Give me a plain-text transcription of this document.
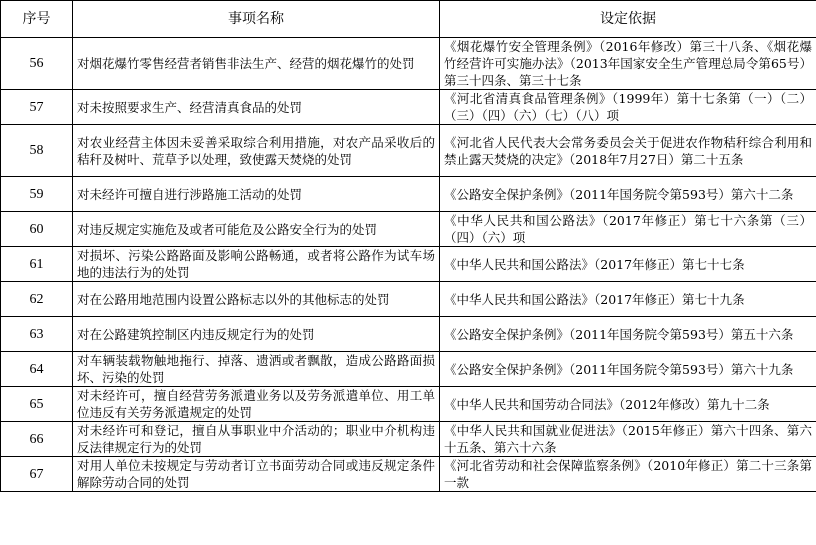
序号	事项名称	设定依据
56	对烟花爆竹零售经营者销售非法生产、经营的烟花爆竹的处罚	《烟花爆竹安全管理条例》（2016年修改）第三十八条、《烟花爆竹经营许可实施办法》（2013年国家安全生产管理总局令第65号）第三十四条、第三十七条
57	对未按照要求生产、经营清真食品的处罚	《河北省清真食品管理条例》（1999年）第十七条第（一）（二）（三）（四）（六）（七）（八）项
58	对农业经营主体因未妥善采取综合利用措施，对农产品采收后的秸秆及树叶、荒草予以处理，致使露天焚烧的处罚	《河北省人民代表大会常务委员会关于促进农作物秸秆综合利用和禁止露天焚烧的决定》（2018年7月27日）第二十五条
59	对未经许可擅自进行涉路施工活动的处罚	《公路安全保护条例》（2011年国务院令第593号）第六十二条
60	对违反规定实施危及或者可能危及公路安全行为的处罚	《中华人民共和国公路法》（2017年修正）第七十六条第（三）（四）（六）项
61	对损坏、污染公路路面及影响公路畅通，或者将公路作为试车场地的违法行为的处罚	《中华人民共和国公路法》（2017年修正）第七十七条
62	对在公路用地范围内设置公路标志以外的其他标志的处罚	《中华人民共和国公路法》（2017年修正）第七十九条
63	对在公路建筑控制区内违反规定行为的处罚	《公路安全保护条例》（2011年国务院令第593号）第五十六条
64	对车辆装载物触地拖行、掉落、遗洒或者飘散，造成公路路面损坏、污染的处罚	《公路安全保护条例》（2011年国务院令第593号）第六十九条
65	对未经许可，擅自经营劳务派遣业务以及劳务派遣单位、用工单位违反有关劳务派遣规定的处罚	《中华人民共和国劳动合同法》（2012年修改）第九十二条
66	对未经许可和登记，擅自从事职业中介活动的；职业中介机构违反法律规定行为的处罚	《中华人民共和国就业促进法》（2015年修正）第六十四条、第六十五条、第六十六条
67	对用人单位未按规定与劳动者订立书面劳动合同或违反规定条件解除劳动合同的处罚	《河北省劳动和社会保障监察条例》（2010年修正）第二十三条第一款
